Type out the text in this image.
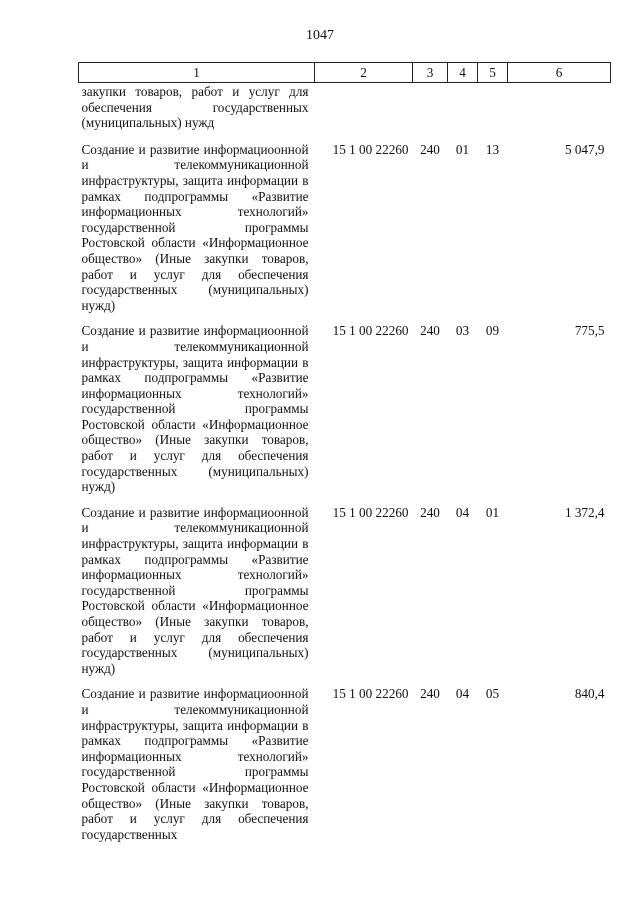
1047
1	2	3	4	5	6
закупки товаров, работ и услуг для обеспечения государственных (муниципальных) нужд					
Создание и развитие информациоонной и телекоммуникационной инфраструктуры, защита информации в рамках подпрограммы «Развитие информационных технологий» государственной программы Ростовской области «Информационное общество» (Иные закупки товаров, работ и услуг для обеспечения государственных (муниципальных) нужд)	15 1 00 22260	240	01	13	5 047,9
Создание и развитие информациоонной и телекоммуникационной инфраструктуры, защита информации в рамках подпрограммы «Развитие информационных технологий» государственной программы Ростовской области «Информационное общество» (Иные закупки товаров, работ и услуг для обеспечения государственных (муниципальных) нужд)	15 1 00 22260	240	03	09	775,5
Создание и развитие информациоонной и телекоммуникационной инфраструктуры, защита информации в рамках подпрограммы «Развитие информационных технологий» государственной программы Ростовской области «Информационное общество» (Иные закупки товаров, работ и услуг для обеспечения государственных (муниципальных) нужд)	15 1 00 22260	240	04	01	1 372,4
Создание и развитие информациоонной и телекоммуникационной инфраструктуры, защита информации в рамках подпрограммы «Развитие информационных технологий» государственной программы Ростовской области «Информационное общество» (Иные закупки товаров, работ и услуг для обеспечения государственных	15 1 00 22260	240	04	05	840,4
